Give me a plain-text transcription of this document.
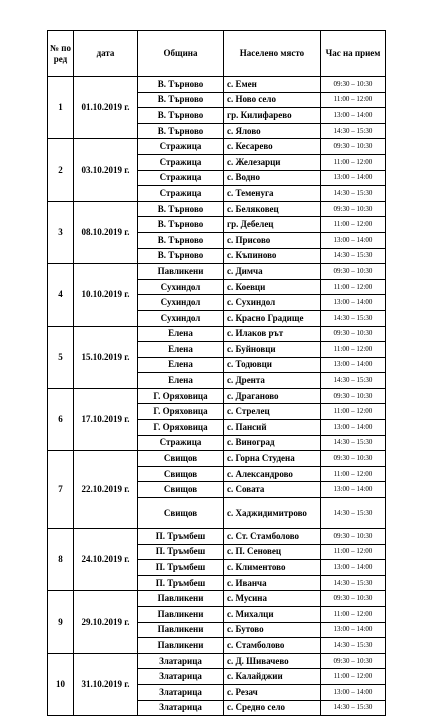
№ по ред	дата	Община	Населено място	Час на прием
1	01.10.2019 г.	В. Търново	с. Емен	09:30 – 10:30
		В. Търново	с. Ново село	11:00 – 12:00
		В. Търново	гр. Килифарево	13:00 – 14:00
		В. Търново	с. Ялово	14:30 – 15:30
2	03.10.2019 г.	Стражица	с. Кесарево	09:30 – 10:30
		Стражица	с. Железарци	11:00 – 12:00
		Стражица	с. Водно	13:00 – 14:00
		Стражица	с. Теменуга	14:30 – 15:30
3	08.10.2019 г.	В. Търново	с. Беляковец	09:30 – 10:30
		В. Търново	гр. Дебелец	11:00 – 12:00
		В. Търново	с. Присово	13:00 – 14:00
		В. Търново	с. Къпиново	14:30 – 15:30
4	10.10.2019 г.	Павликени	с. Димча	09:30 – 10:30
		Сухиндол	с. Коевци	11:00 – 12:00
		Сухиндол	с. Сухиндол	13:00 – 14:00
		Сухиндол	с. Красно Градище	14:30 – 15:30
5	15.10.2019 г.	Елена	с. Илаков рът	09:30 – 10:30
		Елена	с. Буйновци	11:00 – 12:00
		Елена	с. Тодювци	13:00 – 14:00
		Елена	с. Дрента	14:30 – 15:30
6	17.10.2019 г.	Г. Оряховица	с. Драганово	09:30 – 10:30
		Г. Оряховица	с. Стрелец	11:00 – 12:00
		Г. Оряховица	с. Пансий	13:00 – 14:00
		Стражица	с. Виноград	14:30 – 15:30
7	22.10.2019 г.	Свищов	с. Горна Студена	09:30 – 10:30
		Свищов	с. Александрово	11:00 – 12:00
		Свищов	с. Совата	13:00 – 14:00
		Свищов	с. Хаджидимитрово	14:30 – 15:30
8	24.10.2019 г.	П. Тръмбеш	с. Ст. Стамболово	09:30 – 10:30
		П. Тръмбеш	с. П. Сеновец	11:00 – 12:00
		П. Тръмбеш	с. Климентово	13:00 – 14:00
		П. Тръмбеш	с. Иванча	14:30 – 15:30
9	29.10.2019 г.	Павликени	с. Мусина	09:30 – 10:30
		Павликени	с. Михалци	11:00 – 12:00
		Павликени	с. Бутово	13:00 – 14:00
		Павликени	с. Стамболово	14:30 – 15:30
10	31.10.2019 г.	Златарица	с. Д. Шивачево	09:30 – 10:30
		Златарица	с. Калайджии	11:00 – 12:00
		Златарица	с. Резач	13:00 – 14:00
		Златарица	с. Средно село	14:30 – 15:30
